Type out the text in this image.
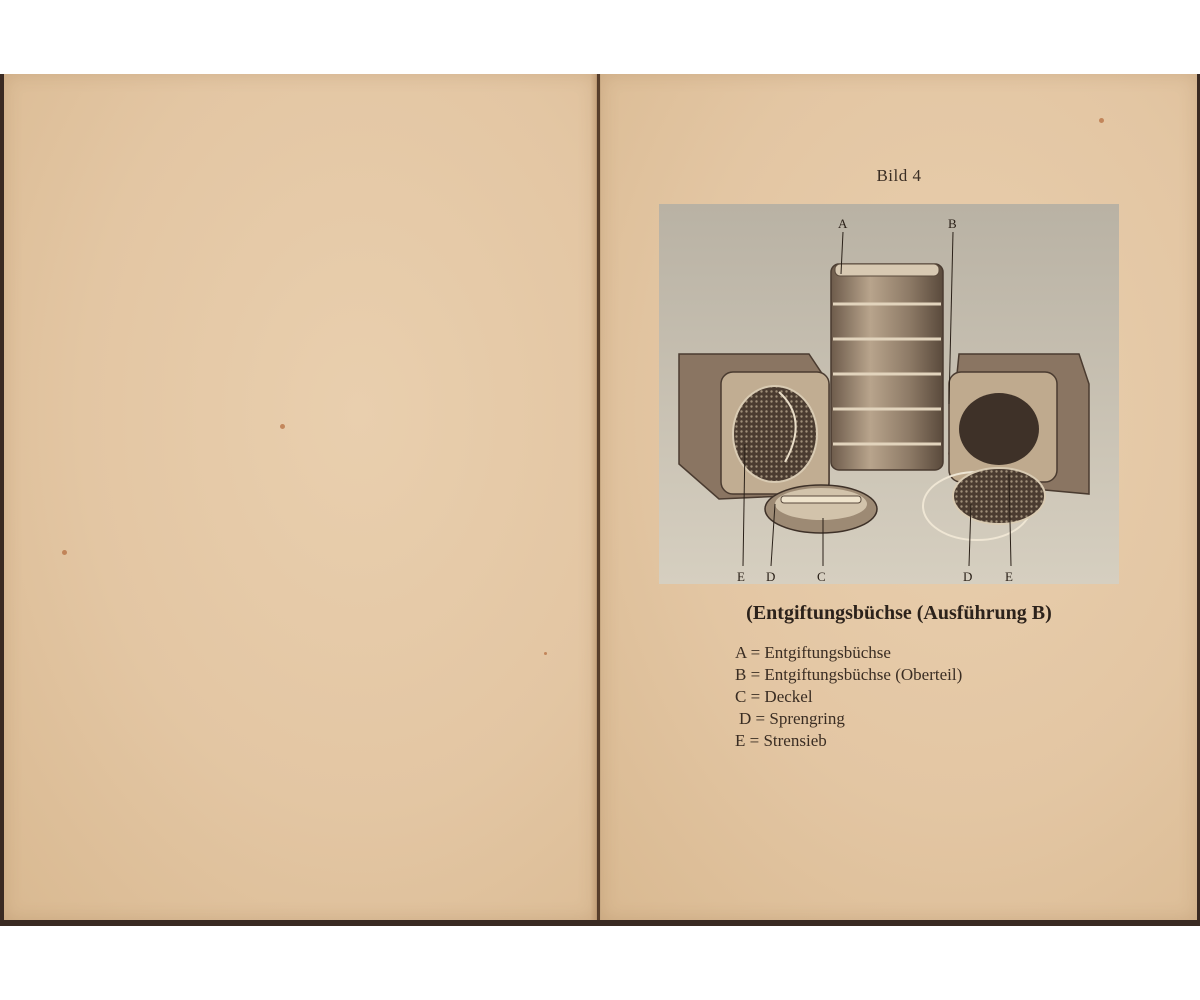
Bild 4
A	B
E D	C	D	E
(Entgiftungsbüchse (Ausführung B)
A = Entgiftungsbüchse
B = Entgiftungsbüchse (Oberteil)
C = Deckel
D = Sprengring
E = Strensieb
